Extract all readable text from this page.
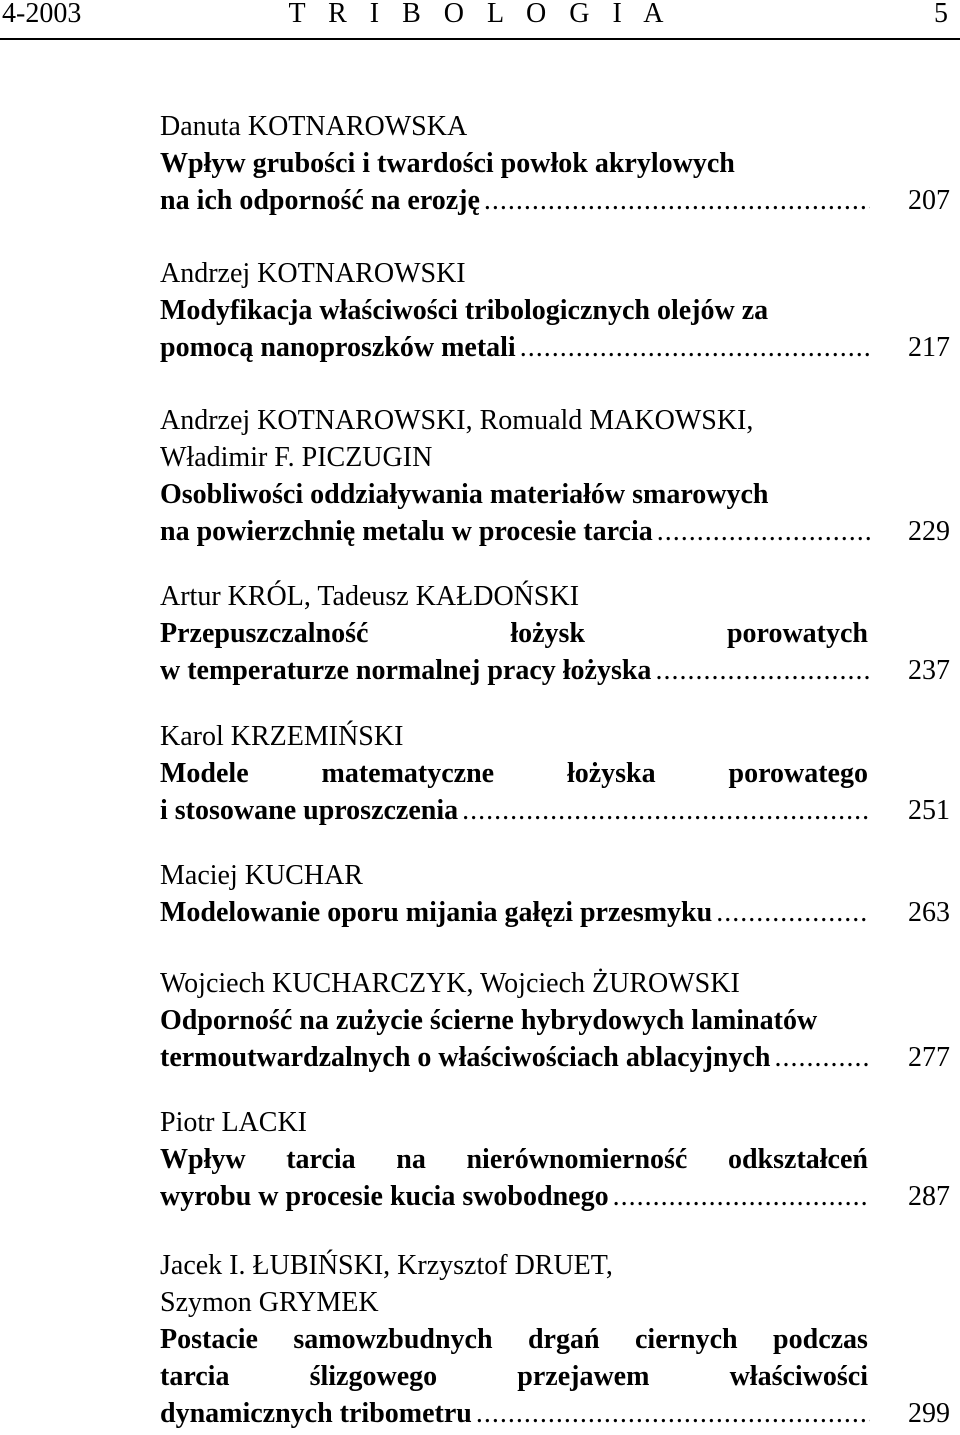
4-2003	T R I B O L O G I A	5
Danuta KOTNAROWSKA
Wpływ grubości i twardości powłok akrylowych
na ich odporność na erozję .....	207
Andrzej KOTNAROWSKI
Modyfikacja właściwości tribologicznych olejów za
pomocą nanoproszków metali .....	217
Andrzej KOTNAROWSKI, Romuald MAKOWSKI,
Władimir F. PICZUGIN
Osobliwości oddziaływania materiałów smarowych
na powierzchnię metalu w procesie tarcia .....	229
Artur KRÓL, Tadeusz KAŁDOŃSKI
Przepuszczalność	łożysk	porowatych
w temperaturze normalnej pracy łożyska .....	237
Karol KRZEMIŃSKI
Modele	matematyczne	łożyska	porowatego
i stosowane uproszczenia .....	251
Maciej KUCHAR
Modelowanie oporu mijania gałęzi przesmyku .....	263
Wojciech KUCHARCZYK, Wojciech ŻUROWSKI
Odporność na zużycie ścierne hybrydowych laminatów
termoutwardzalnych o właściwościach ablacyjnych .....	277
Piotr LACKI
Wpływ tarcia na nierównomierność odkształceń
wyrobu w procesie kucia swobodnego .....	287
Jacek I. ŁUBIŃSKI, Krzysztof DRUET,
Szymon GRYMEK
Postacie samowzbudnych drgań ciernych podczas
tarcia	ślizgowego	przejawem	właściwości
dynamicznych tribometru .....	299
